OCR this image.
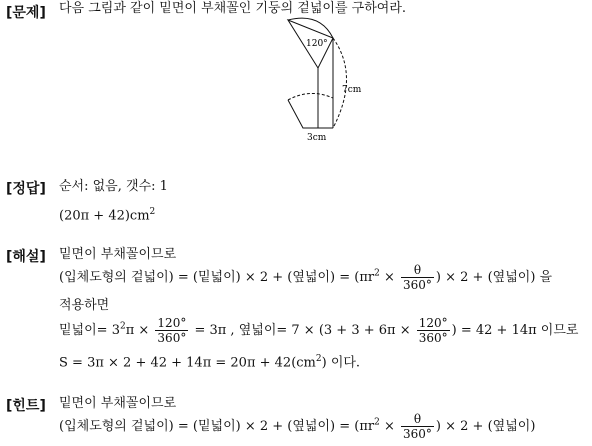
[문제] 다음 그림과 같이 밑면이 부채꼴인 기둥의 겉넓이를 구하여라.
120°
7cm
3cm
[정답] 순서: 없음, 갯수: 1
$(20\pi + 42)cm^2$
[해설] 밑면이 부채꼴이므로
(입체도형의 겉넓이) = (밑넓이) × 2 + (옆넓이) = ($\pi r^2 \times \frac{\theta}{360^\circ}$ ) × 2 + (옆넓이) 을
적용하면
밑넓이= $3^2\pi \times \frac{120^\circ}{360^\circ} = 3\pi$ , 옆넓이= $7 \times (3 + 3 + 6\pi \times \frac{120^\circ}{360^\circ}$ ) = 42 + 14π 이므로
$S = 3\pi \times 2 + 42 + 14\pi = 20\pi + 42(cm^2)$ 이다.
[힌트] 밑면이 부채꼴이므로
(입체도형의 겉넓이) = (밑넓이) × 2 + (옆넓이) = ($\pi r^2 \times \frac{\theta}{360^\circ}$ ) × 2 + (옆넓이)
